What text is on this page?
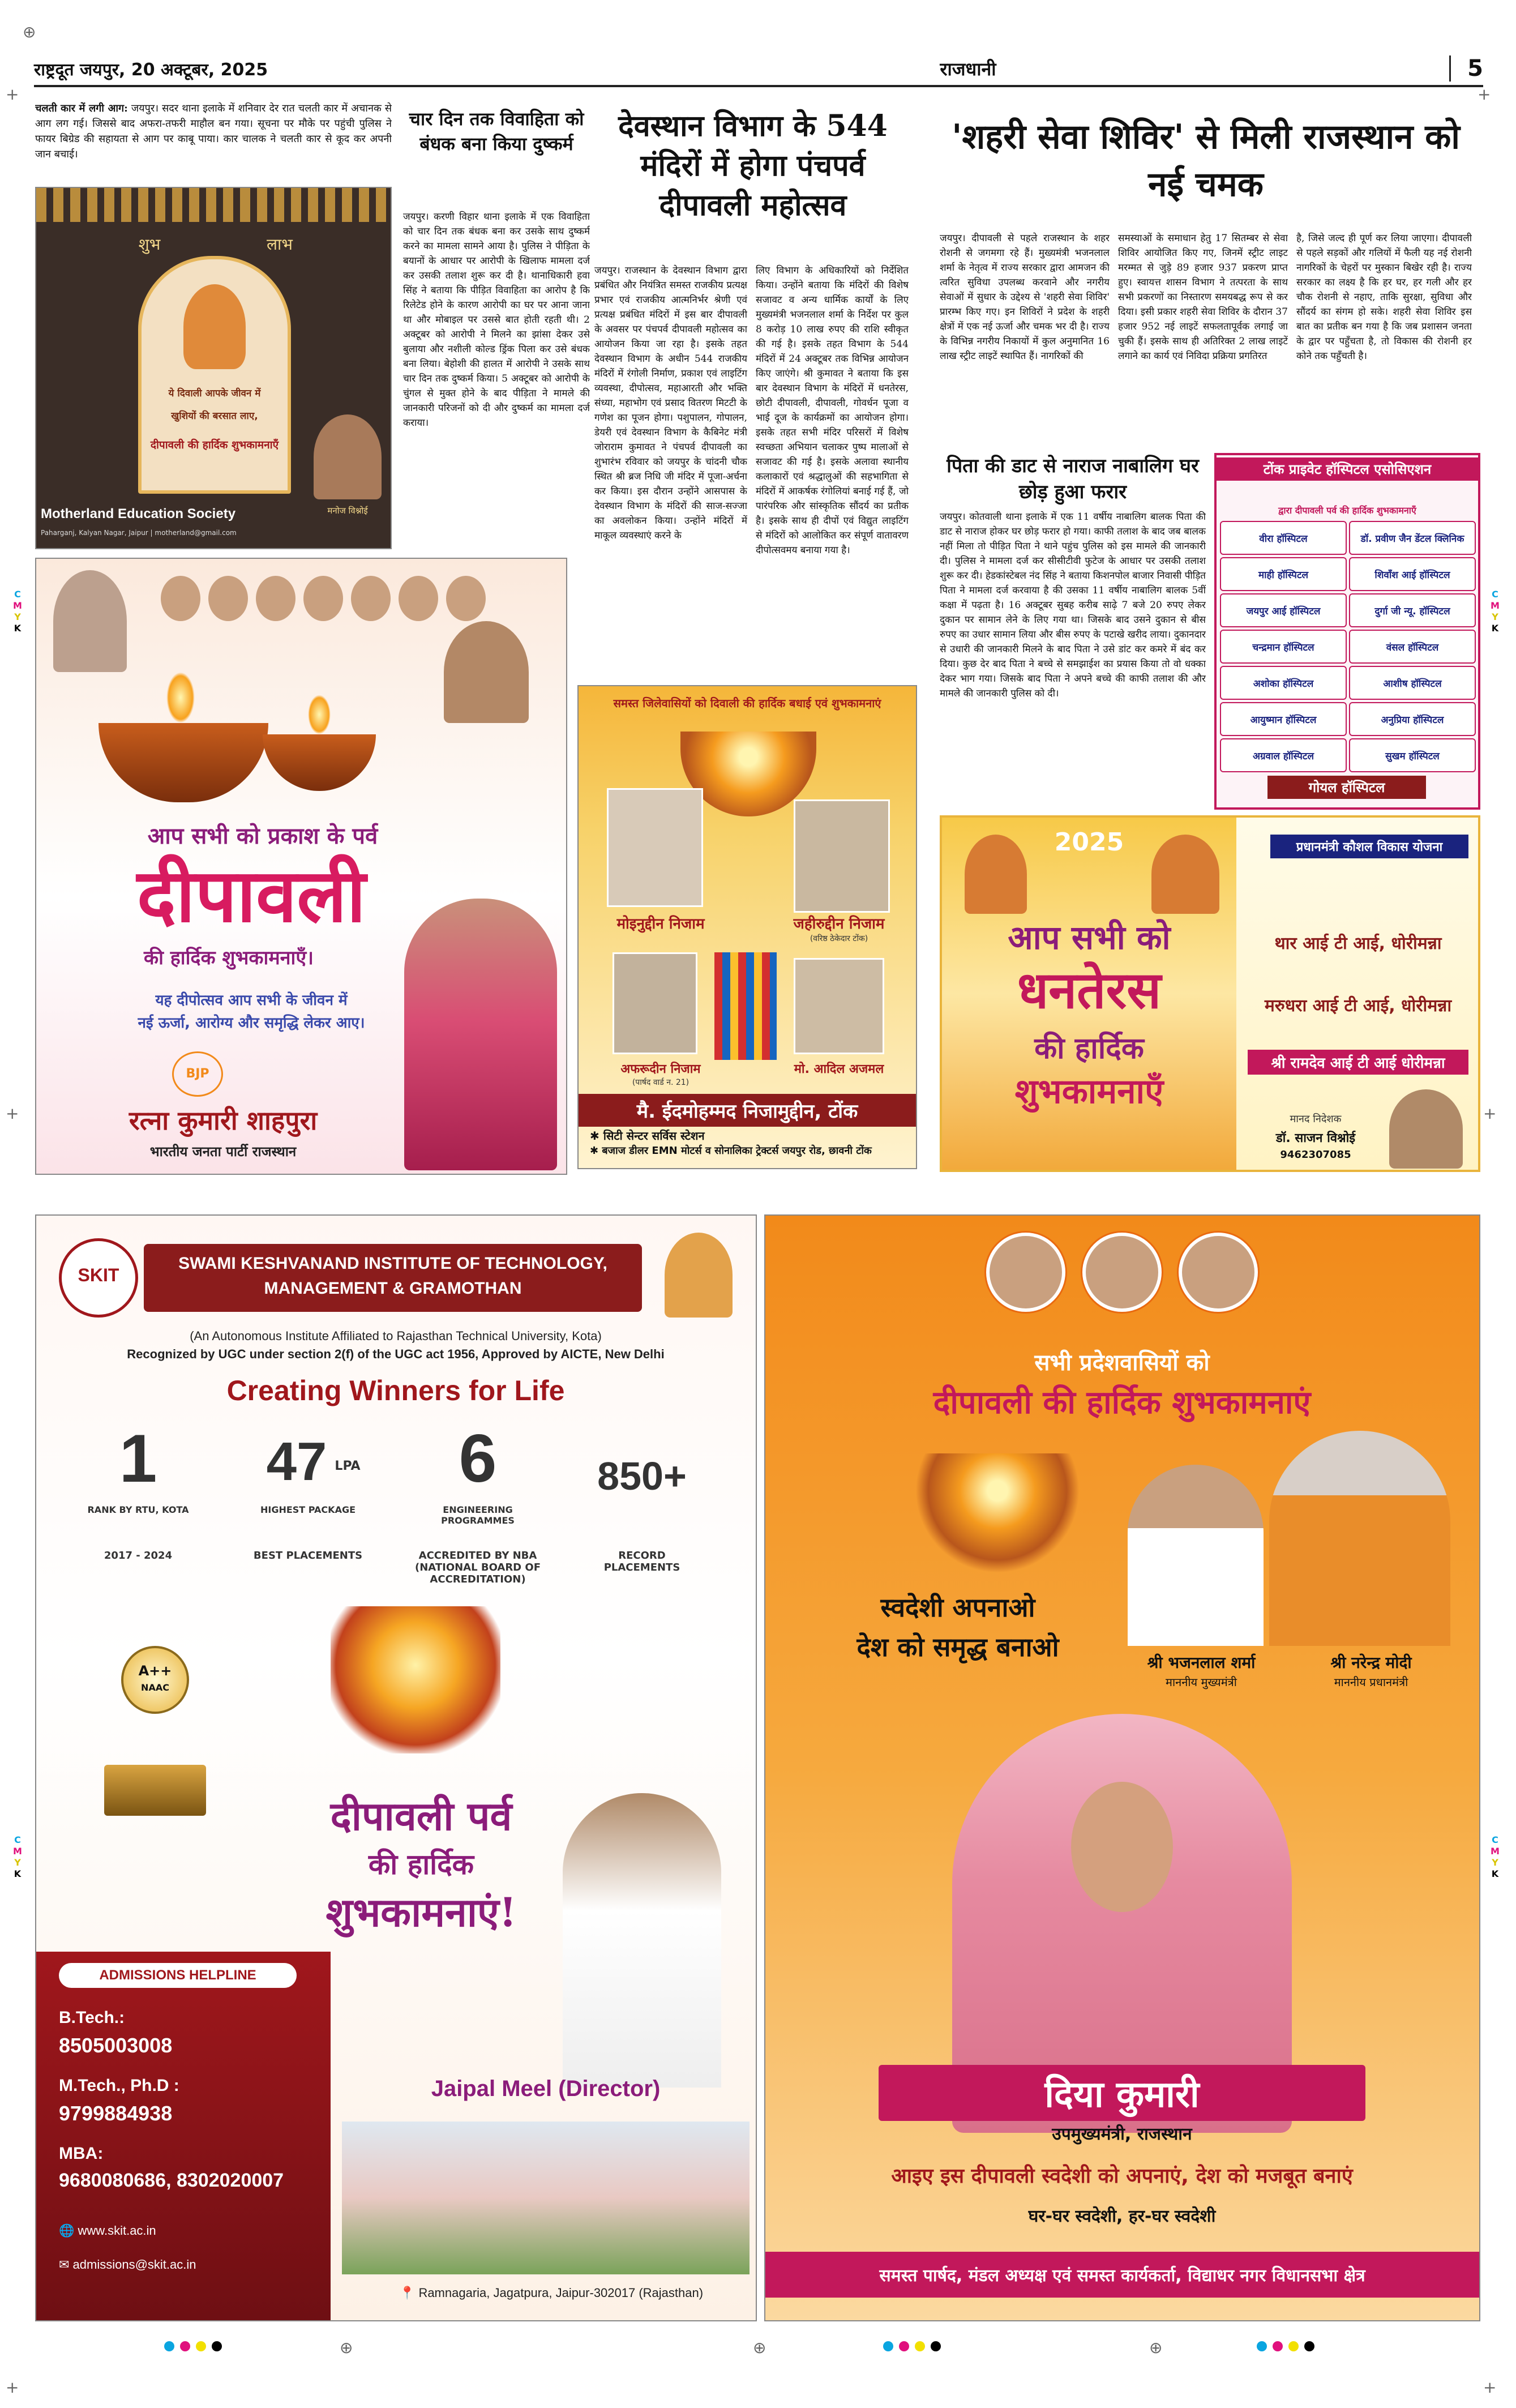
⊕
+
+
+	+
+	+
⊕	⊕	⊕
C
M
Y
K
C
M
Y
K
C
M
Y
K
C
M
Y
K
राष्ट्रदूत जयपुर, 20 अक्टूबर, 2025	राजधानी	5
चलती कार में लगी आग: जयपुर। सदर थाना इलाके में शनिवार देर रात चलती कार में अचानक से आग लग गई। जिससे बाद अफरा-तफरी माहौल बन गया। सूचना पर मौके पर पहुंची पुलिस ने फायर बिग्रेड की सहायता से आग पर काबू पाया। कार चालक ने चलती कार से कूद कर अपनी जान बचाई।
शुभ	लाभ
ये दिवाली आपके जीवन में
खुशियों की बरसात लाए,
दीपावली की हार्दिक शुभकामनाएँ
मनोज विश्नोई
Motherland Education Society
Paharganj, Kalyan Nagar, Jaipur | motherland@gmail.com
चार दिन तक विवाहिता को बंधक बना किया दुष्कर्म
जयपुर। करणी विहार थाना इलाके में एक विवाहिता को चार दिन तक बंधक बना कर उसके साथ दुष्कर्म करने का मामला सामने आया है। पुलिस ने पीड़िता के बयानों के आधार पर आरोपी के खिलाफ मामला दर्ज कर उसकी तलाश शुरू कर दी है। थानाधिकारी हवा सिंह ने बताया कि पीड़ित विवाहिता का आरोप है कि रिलेटेड होने के कारण आरोपी का घर पर आना जाना था और मोबाइल पर उससे बात होती रहती थी। 2 अक्टूबर को आरोपी ने मिलने का झांसा देकर उसे बुलाया और नशीली कोल्ड ड्रिंक पिला कर उसे बंधक बना लिया। बेहोशी की हालत में आरोपी ने उसके साथ चार दिन तक दुष्कर्म किया। 5 अक्टूबर को आरोपी के चुंगल से मुक्त होने के बाद पीड़िता ने मामले की जानकारी परिजनों को दी और दुष्कर्म का मामला दर्ज कराया।
देवस्थान विभाग के 544 मंदिरों में होगा पंचपर्व दीपावली महोत्सव
जयपुर। राजस्थान के देवस्थान विभाग द्वारा प्रबंधित और नियंत्रित समस्त राजकीय प्रत्यक्ष प्रभार एवं राजकीय आत्मनिर्भर श्रेणी एवं प्रत्यक्ष प्रबंधित मंदिरों में इस बार दीपावली के अवसर पर पंचपर्व दीपावली महोत्सव का आयोजन किया जा रहा है। इसके तहत देवस्थान विभाग के अधीन 544 राजकीय मंदिरों में रंगोली निर्माण, प्रकाश एवं लाइटिंग व्यवस्था, दीपोत्सव, महाआरती और भक्ति संध्या, महाभोग एवं प्रसाद वितरण मिटटी के गणेश का पूजन होगा। पशुपालन, गोपालन, डेयरी एवं देवस्थान विभाग के कैबिनेट मंत्री जोराराम कुमावत ने पंचपर्व दीपावली का शुभारंभ रविवार को जयपुर के चांदनी चौक स्थित श्री ब्रज निधि जी मंदिर में पूजा-अर्चना कर किया। इस दौरान उन्होंने आसपास के देवस्थान विभाग के मंदिरों की साज-सज्जा का अवलोकन किया। उन्होंने मंदिरों में माकूल व्यवस्थाएं करने के
लिए विभाग के अधिकारियों को निर्देशित किया। उन्होंने बताया कि मंदिरों की विशेष सजावट व अन्य धार्मिक कार्यों के लिए मुख्यमंत्री भजनलाल शर्मा के निर्देश पर कुल 8 करोड़ 10 लाख रुपए की राशि स्वीकृत की गई है। इसके तहत विभाग के 544 मंदिरों में 24 अक्टूबर तक विभिन्न आयोजन किए जाएंगे। श्री कुमावत ने बताया कि इस बार देवस्थान विभाग के मंदिरों में धनतेरस, छोटी दीपावली, दीपावली, गोवर्धन पूजा व भाई दूज के कार्यक्रमों का आयोजन होगा। इसके तहत सभी मंदिर परिसरों में विशेष स्वच्छता अभियान चलाकर पुष्प मालाओं से सजावट की गई है। इसके अलावा स्थानीय कलाकारों एवं श्रद्धालुओं की सहभागिता से मंदिरों में आकर्षक रंगोलियां बनाई गई हैं, जो पारंपरिक और सांस्कृतिक सौंदर्य का प्रतीक है। इसके साथ ही दीपों एवं विद्युत लाइटिंग से मंदिरों को आलोकित कर संपूर्ण वातावरण दीपोत्सवमय बनाया गया है।
'शहरी सेवा शिविर' से मिली राजस्थान को नई चमक
जयपुर। दीपावली से पहले राजस्थान के शहर रोशनी से जगमगा रहे हैं। मुख्यमंत्री भजनलाल शर्मा के नेतृत्व में राज्य सरकार द्वारा आमजन की त्वरित सुविधा उपलब्ध करवाने और नगरीय सेवाओं में सुधार के उद्देश्य से 'शहरी सेवा शिविर' प्रारम्भ किए गए। इन शिविरों ने प्रदेश के शहरी क्षेत्रों में एक नई ऊर्जा और चमक भर दी है। राज्य के विभिन्न नगरीय निकायों में कुल अनुमानित 16 लाख स्ट्रीट लाइटें स्थापित हैं। नागरिकों की
समस्याओं के समाधान हेतु 17 सितम्बर से सेवा शिविर आयोजित किए गए, जिनमें स्ट्रीट लाइट मरम्मत से जुड़े 89 हजार 937 प्रकरण प्राप्त हुए। स्वायत्त शासन विभाग ने तत्परता के साथ सभी प्रकरणों का निस्तारण समयबद्ध रूप से कर दिया। इसी प्रकार शहरी सेवा शिविर के दौरान 37 हजार 952 नई लाइटें सफलतापूर्वक लगाई जा चुकी हैं। इसके साथ ही अतिरिक्त 2 लाख लाइटें लगाने का कार्य एवं निविदा प्रक्रिया प्रगतिरत
है, जिसे जल्द ही पूर्ण कर लिया जाएगा। दीपावली से पहले सड़कों और गलियों में फैली यह नई रोशनी नागरिकों के चेहरों पर मुस्कान बिखेर रही है। राज्य सरकार का लक्ष्य है कि हर घर, हर गली और हर चौक रोशनी से नहाए, ताकि सुरक्षा, सुविधा और सौंदर्य का संगम हो सके। शहरी सेवा शिविर इस बात का प्रतीक बन गया है कि जब प्रशासन जनता के द्वार पर पहुँचता है, तो विकास की रोशनी हर कोने तक पहुँचती है।
पिता की डाट से नाराज नाबालिग घर छोड़ हुआ फरार
जयपुर। कोतवाली थाना इलाके में एक 11 वर्षीय नाबालिग बालक पिता की डाट से नाराज होकर घर छोड़ फरार हो गया। काफी तलाश के बाद जब बालक नहीं मिला तो पीड़ित पिता ने थाने पहुंच पुलिस को इस मामले की जानकारी दी। पुलिस ने मामला दर्ज कर सीसीटीवी फुटेज के आधार पर उसकी तलाश शुरू कर दी। हेडकांस्टेबल नंद सिंह ने बताया किशनपोल बाजार निवासी पीड़ित पिता ने मामला दर्ज करवाया है की उसका 11 वर्षीय नाबालिग बालक 5वीं कक्षा में पढ़ता है। 16 अक्टूबर सुबह करीब साढ़े 7 बजे 20 रुपए लेकर दुकान पर सामान लेने के लिए गया था। जिसके बाद उसने दुकान से बीस रुपए का उधार सामान लिया और बीस रुपए के पटाखे खरीद लाया। दुकानदार से उधारी की जानकारी मिलने के बाद पिता ने उसे डांट कर कमरे में बंद कर दिया। कुछ देर बाद पिता ने बच्चे से समझाईश का प्रयास किया तो वो धक्का देकर भाग गया। जिसके बाद पिता ने अपने बच्चे की काफी तलाश की और मामले की जानकारी पुलिस को दी।
टोंक प्राइवेट हॉस्पिटल एसोसिएशन
द्वारा दीपावली पर्व की हार्दिक शुभकामनाएँ
वीरा हॉस्पिटल	डॉ. प्रवीण जैन डेंटल क्लिनिक
माही हॉस्पिटल	शिवाँश आई हॉस्पिटल
जयपुर आई हॉस्पिटल	दुर्गा जी न्यू. हॉस्पिटल
चन्द्रमान हॉस्पिटल	वंसल हॉस्पिटल
अशोका हॉस्पिटल	आशीष हॉस्पिटल
आयुष्मान हॉस्पिटल	अनुप्रिया हॉस्पिटल
अग्रवाल हॉस्पिटल	सुखम हॉस्पिटल
गोयल हॉस्पिटल
आप सभी को प्रकाश के पर्व
दीपावली
की हार्दिक शुभकामनाएँ।
यह दीपोत्सव आप सभी के जीवन में
नई ऊर्जा, आरोग्य और समृद्धि लेकर आए।
BJP
रत्ना कुमारी शाहपुरा
भारतीय जनता पार्टी राजस्थान
समस्त जिलेवासियों को दिवाली की हार्दिक बधाई एवं शुभकामनाएं
मोइनुद्दीन निजाम	जहीरुद्दीन निजाम
(वरिष्ठ ठेकेदार टोंक)
अफरूदीन निजाम
(पार्षद वार्ड न. 21)
मो. आदिल अजमल
मै. ईदमोहम्मद निजामुद्दीन, टोंक
✱ सिटी सेन्टर सर्विस स्टेशन
✱ बजाज डीलर EMN मोटर्स व सोनालिका ट्रेक्टर्स जयपुर रोड, छावनी टोंक
2025
आप सभी को
धनतेरस
की हार्दिक
शुभकामनाएँ
प्रधानमंत्री कौशल विकास योजना
थार आई टी आई, धोरीमन्ना
मरुधरा आई टी आई, धोरीमन्ना
श्री रामदेव आई टी आई धोरीमन्ना
मानद निदेशक
डॉ. साजन विश्नोई
9462307085
SKIT
SWAMI KESHVANAND INSTITUTE OF TECHNOLOGY,
MANAGEMENT & GRAMOTHAN
(An Autonomous Institute Affiliated to Rajasthan Technical University, Kota)
Recognized by UGC under section 2(f) of the UGC act 1956, Approved by AICTE, New Delhi
Creating Winners for Life
1
RANK BY RTU, KOTA
2017 - 2024
47 LPA
HIGHEST PACKAGE
BEST PLACEMENTS
6
ENGINEERING PROGRAMMES
ACCREDITED BY NBA (NATIONAL BOARD OF ACCREDITATION)
850+
RECORD PLACEMENTS
A++
NAAC
दीपावली पर्व
की हार्दिक
शुभकामनाएं!
ADMISSIONS HELPLINE
B.Tech.:
8505003008
M.Tech., Ph.D :
9799884938
MBA:
9680080686, 8302020007
🌐 www.skit.ac.in
✉ admissions@skit.ac.in
Jaipal Meel (Director)
📍 Ramnagaria, Jagatpura, Jaipur-302017 (Rajasthan)
सभी प्रदेशवासियों को
दीपावली की हार्दिक शुभकामनाएं
स्वदेशी अपनाओ
देश को समृद्ध बनाओ
श्री भजनलाल शर्मा
माननीय मुख्यमंत्री
श्री नरेन्द्र मोदी
माननीय प्रधानमंत्री
दिया कुमारी
उपमुख्यमंत्री, राजस्थान
आइए इस दीपावली स्वदेशी को अपनाएं, देश को मजबूत बनाएं
घर-घर स्वदेशी, हर-घर स्वदेशी
समस्त पार्षद, मंडल अध्यक्ष एवं समस्त कार्यकर्ता, विद्याधर नगर विधानसभा क्षेत्र
